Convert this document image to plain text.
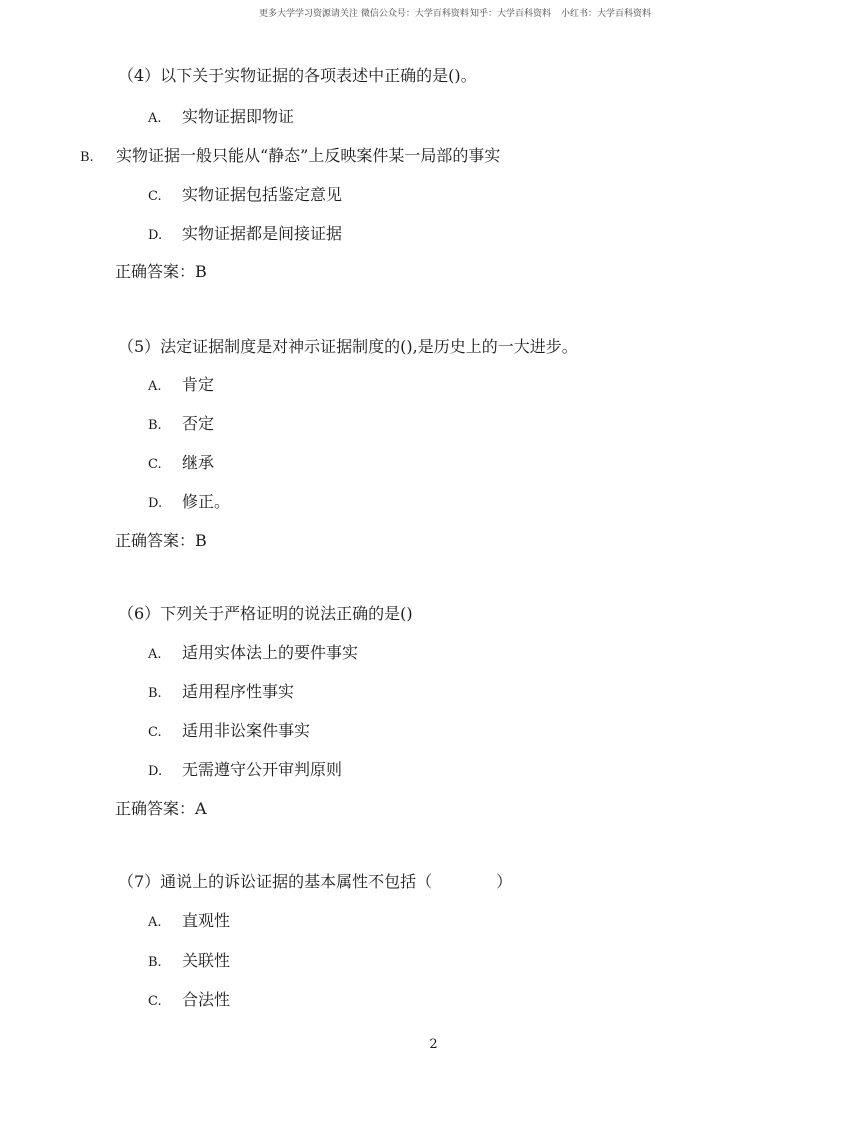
更多大学学习资源请关注 微信公众号：大学百科资料 知乎：大学百科资料 小红书：大学百科资料
（4）以下关于实物证据的各项表述中正确的是()。
A. 实物证据即物证
B. 实物证据一般只能从“静态”上反映案件某一局部的事实
C. 实物证据包括鉴定意见
D. 实物证据都是间接证据
正确答案：B
（5）法定证据制度是对神示证据制度的(),是历史上的一大进步。
A. 肯定
B. 否定
C. 继承
D. 修正。
正确答案：B
（6）下列关于严格证明的说法正确的是()
A. 适用实体法上的要件事实
B. 适用程序性事实
C. 适用非讼案件事实
D. 无需遵守公开审判原则
正确答案：A
（7）通说上的诉讼证据的基本属性不包括（　　　　）
A. 直观性
B. 关联性
C. 合法性
2
